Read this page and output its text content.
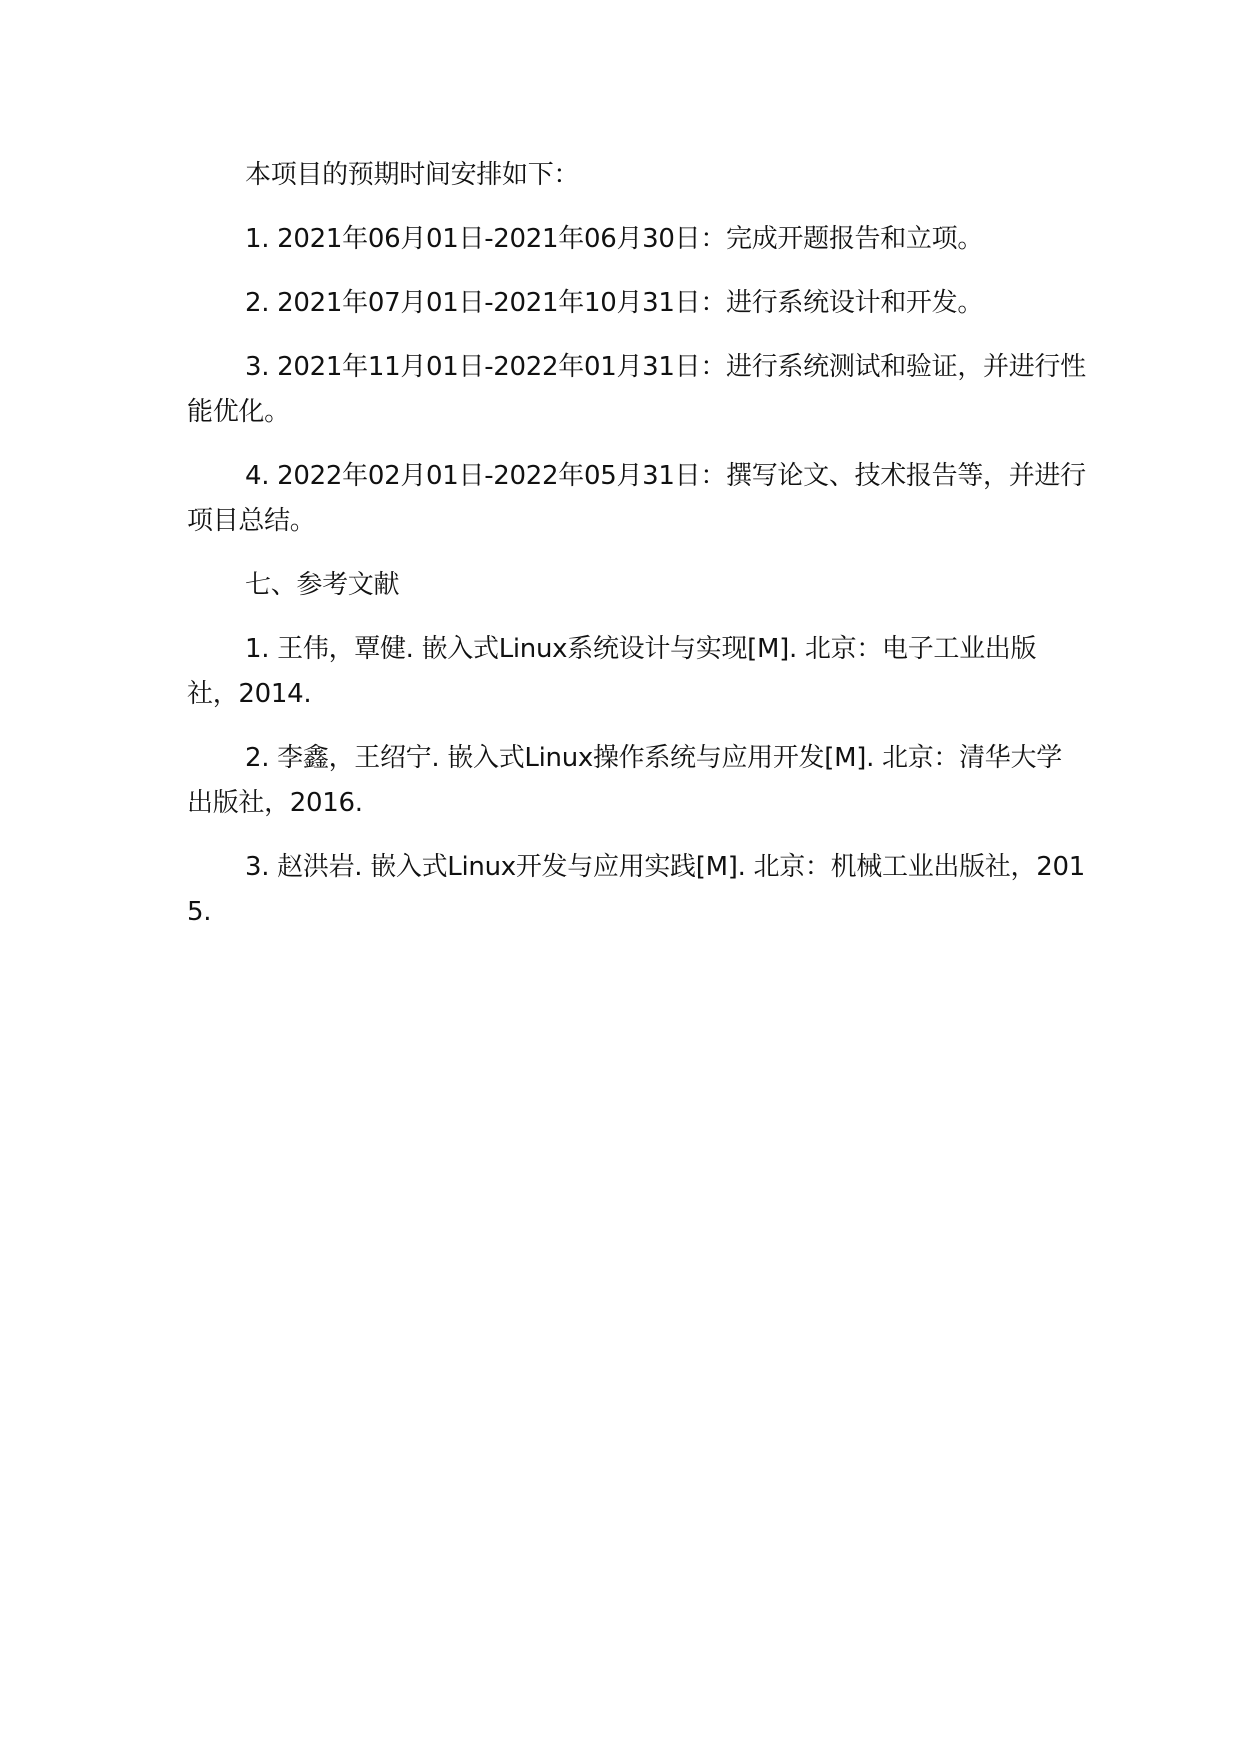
本项目的预期时间安排如下：

1. 2021年06月01日-2021年06月30日：完成开题报告和立项。

2. 2021年07月01日-2021年10月31日：进行系统设计和开发。

3. 2021年11月01日-2022年01月31日：进行系统测试和验证，并进行性能优化。

4. 2022年02月01日-2022年05月31日：撰写论文、技术报告等，并进行项目总结。

七、参考文献

1. 王伟，覃健. 嵌入式Linux系统设计与实现[M]. 北京：电子工业出版社，2014.

2. 李鑫，王绍宁. 嵌入式Linux操作系统与应用开发[M]. 北京：清华大学出版社，2016.

3. 赵洪岩. 嵌入式Linux开发与应用实践[M]. 北京：机械工业出版社，2015.
